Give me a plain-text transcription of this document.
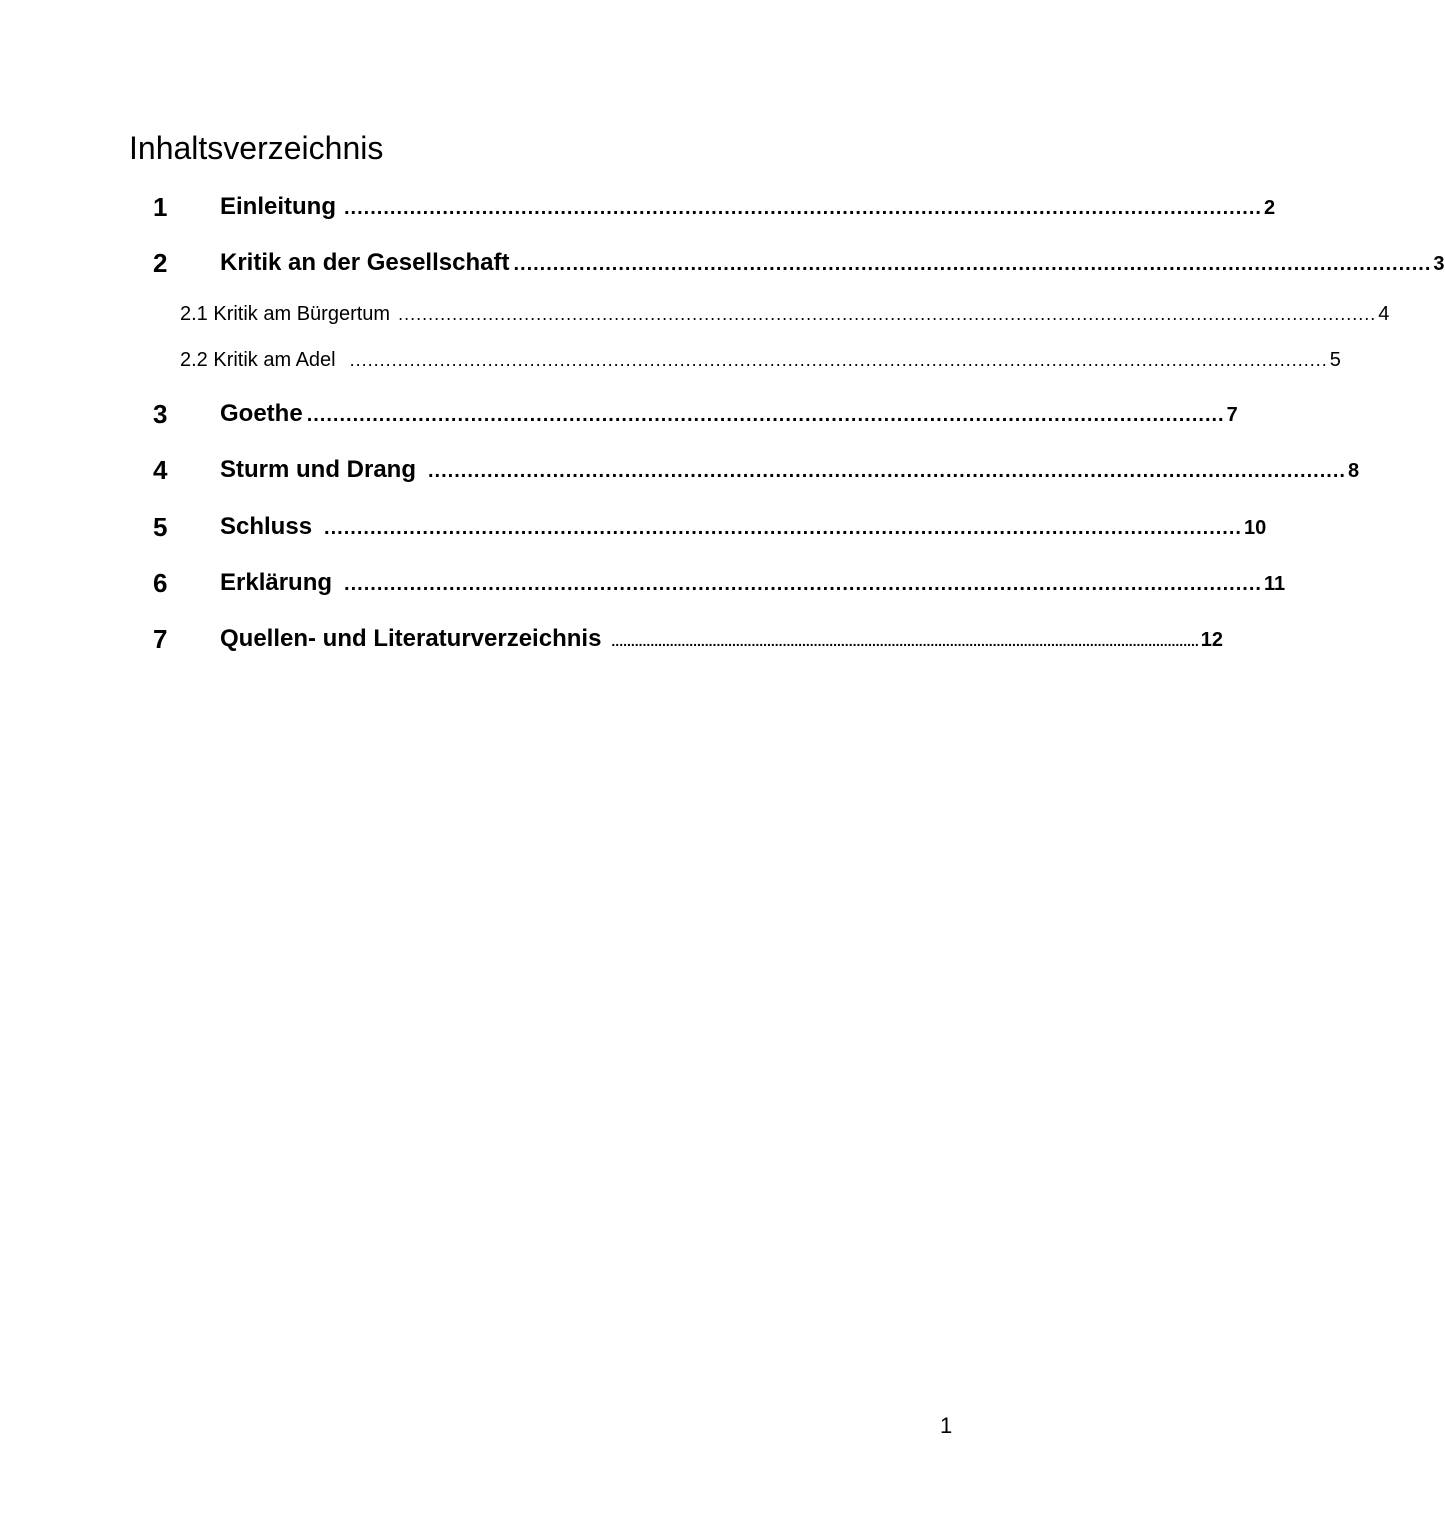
Inhaltsverzeichnis
1 Einleitung ............................................................................................................................................ 2
2 Kritik an der Gesellschaft ............................................................................................................................................ 3
2.1 Kritik am Bürgertum ................................................................................................................................................................... 4
2.2 Kritik am Adel ................................................................................................................................................................... 5
3 Goethe ............................................................................................................................................ 7
4 Sturm und Drang ............................................................................................................................................ 8
5 Schluss ............................................................................................................................................ 10
6 Erklärung ............................................................................................................................................ 11
7 Quellen- und Literaturverzeichnis ....................................................................................................................................................... 12
1
